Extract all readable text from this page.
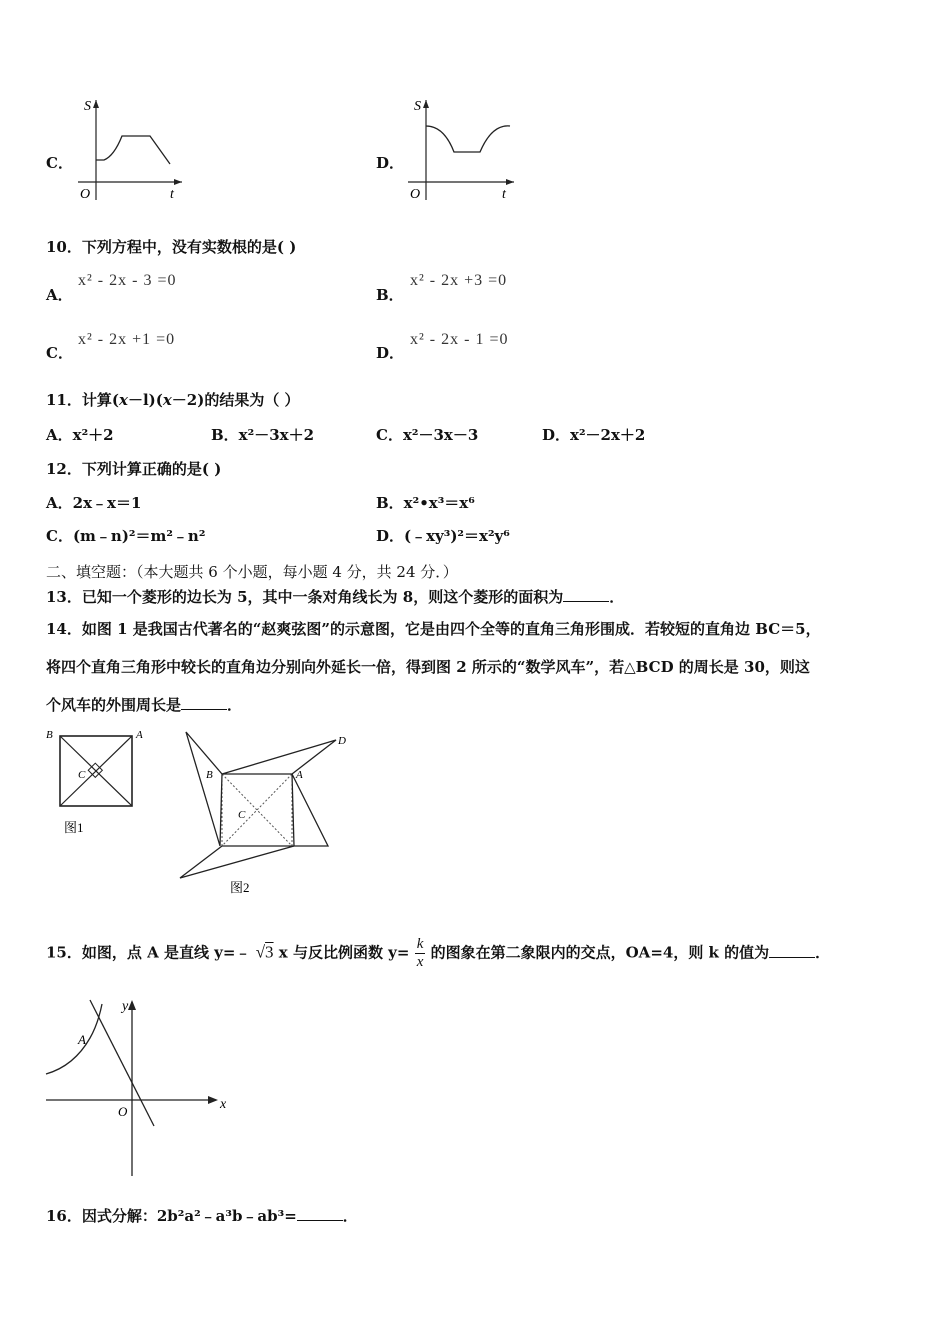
C．
S
t
O
D．
S
t
O
10．下列方程中，没有实数根的是( )
A．
x² - 2x - 3 =0
B．
x² - 2x +3 =0
C．
x² - 2x +1 =0
D．
x² - 2x - 1 =0
11．计算(x－l)(x－2)的结果为（ ）
A．x²＋2	B．x²－3x＋2	C．x²－3x－3	D．x²－2x＋2
12．下列计算正确的是( )
A．2x﹣x＝1	B．x²•x³＝x⁶
C．(m﹣n)²＝m²﹣n²	D．(﹣xy³)²＝x²y⁶
二、填空题：（本大题共 6 个小题，每小题 4 分，共 24 分．）
13．已知一个菱形的边长为 5，其中一条对角线长为 8，则这个菱形的面积为	．
14．如图 1 是我国古代著名的“赵爽弦图”的示意图，它是由四个全等的直角三角形围成．若较短的直角边 BC＝5，
将四个直角三角形中较长的直角边分别向外延长一倍，得到图 2 所示的“数学风车”，若△BCD 的周长是 30，则这
个风车的外围周长是	．
B	A
C
图1
B	A
D
C
图2
15．如图，点 A 是直线 y=﹣ √3 x 与反比例函数 $y= \frac{k}{x}$ 的图象在第二象限内的交点，OA=4，则 k 的值为	．
A
O	x
y
16．因式分解：2b²a²﹣a³b﹣ab³=	．
